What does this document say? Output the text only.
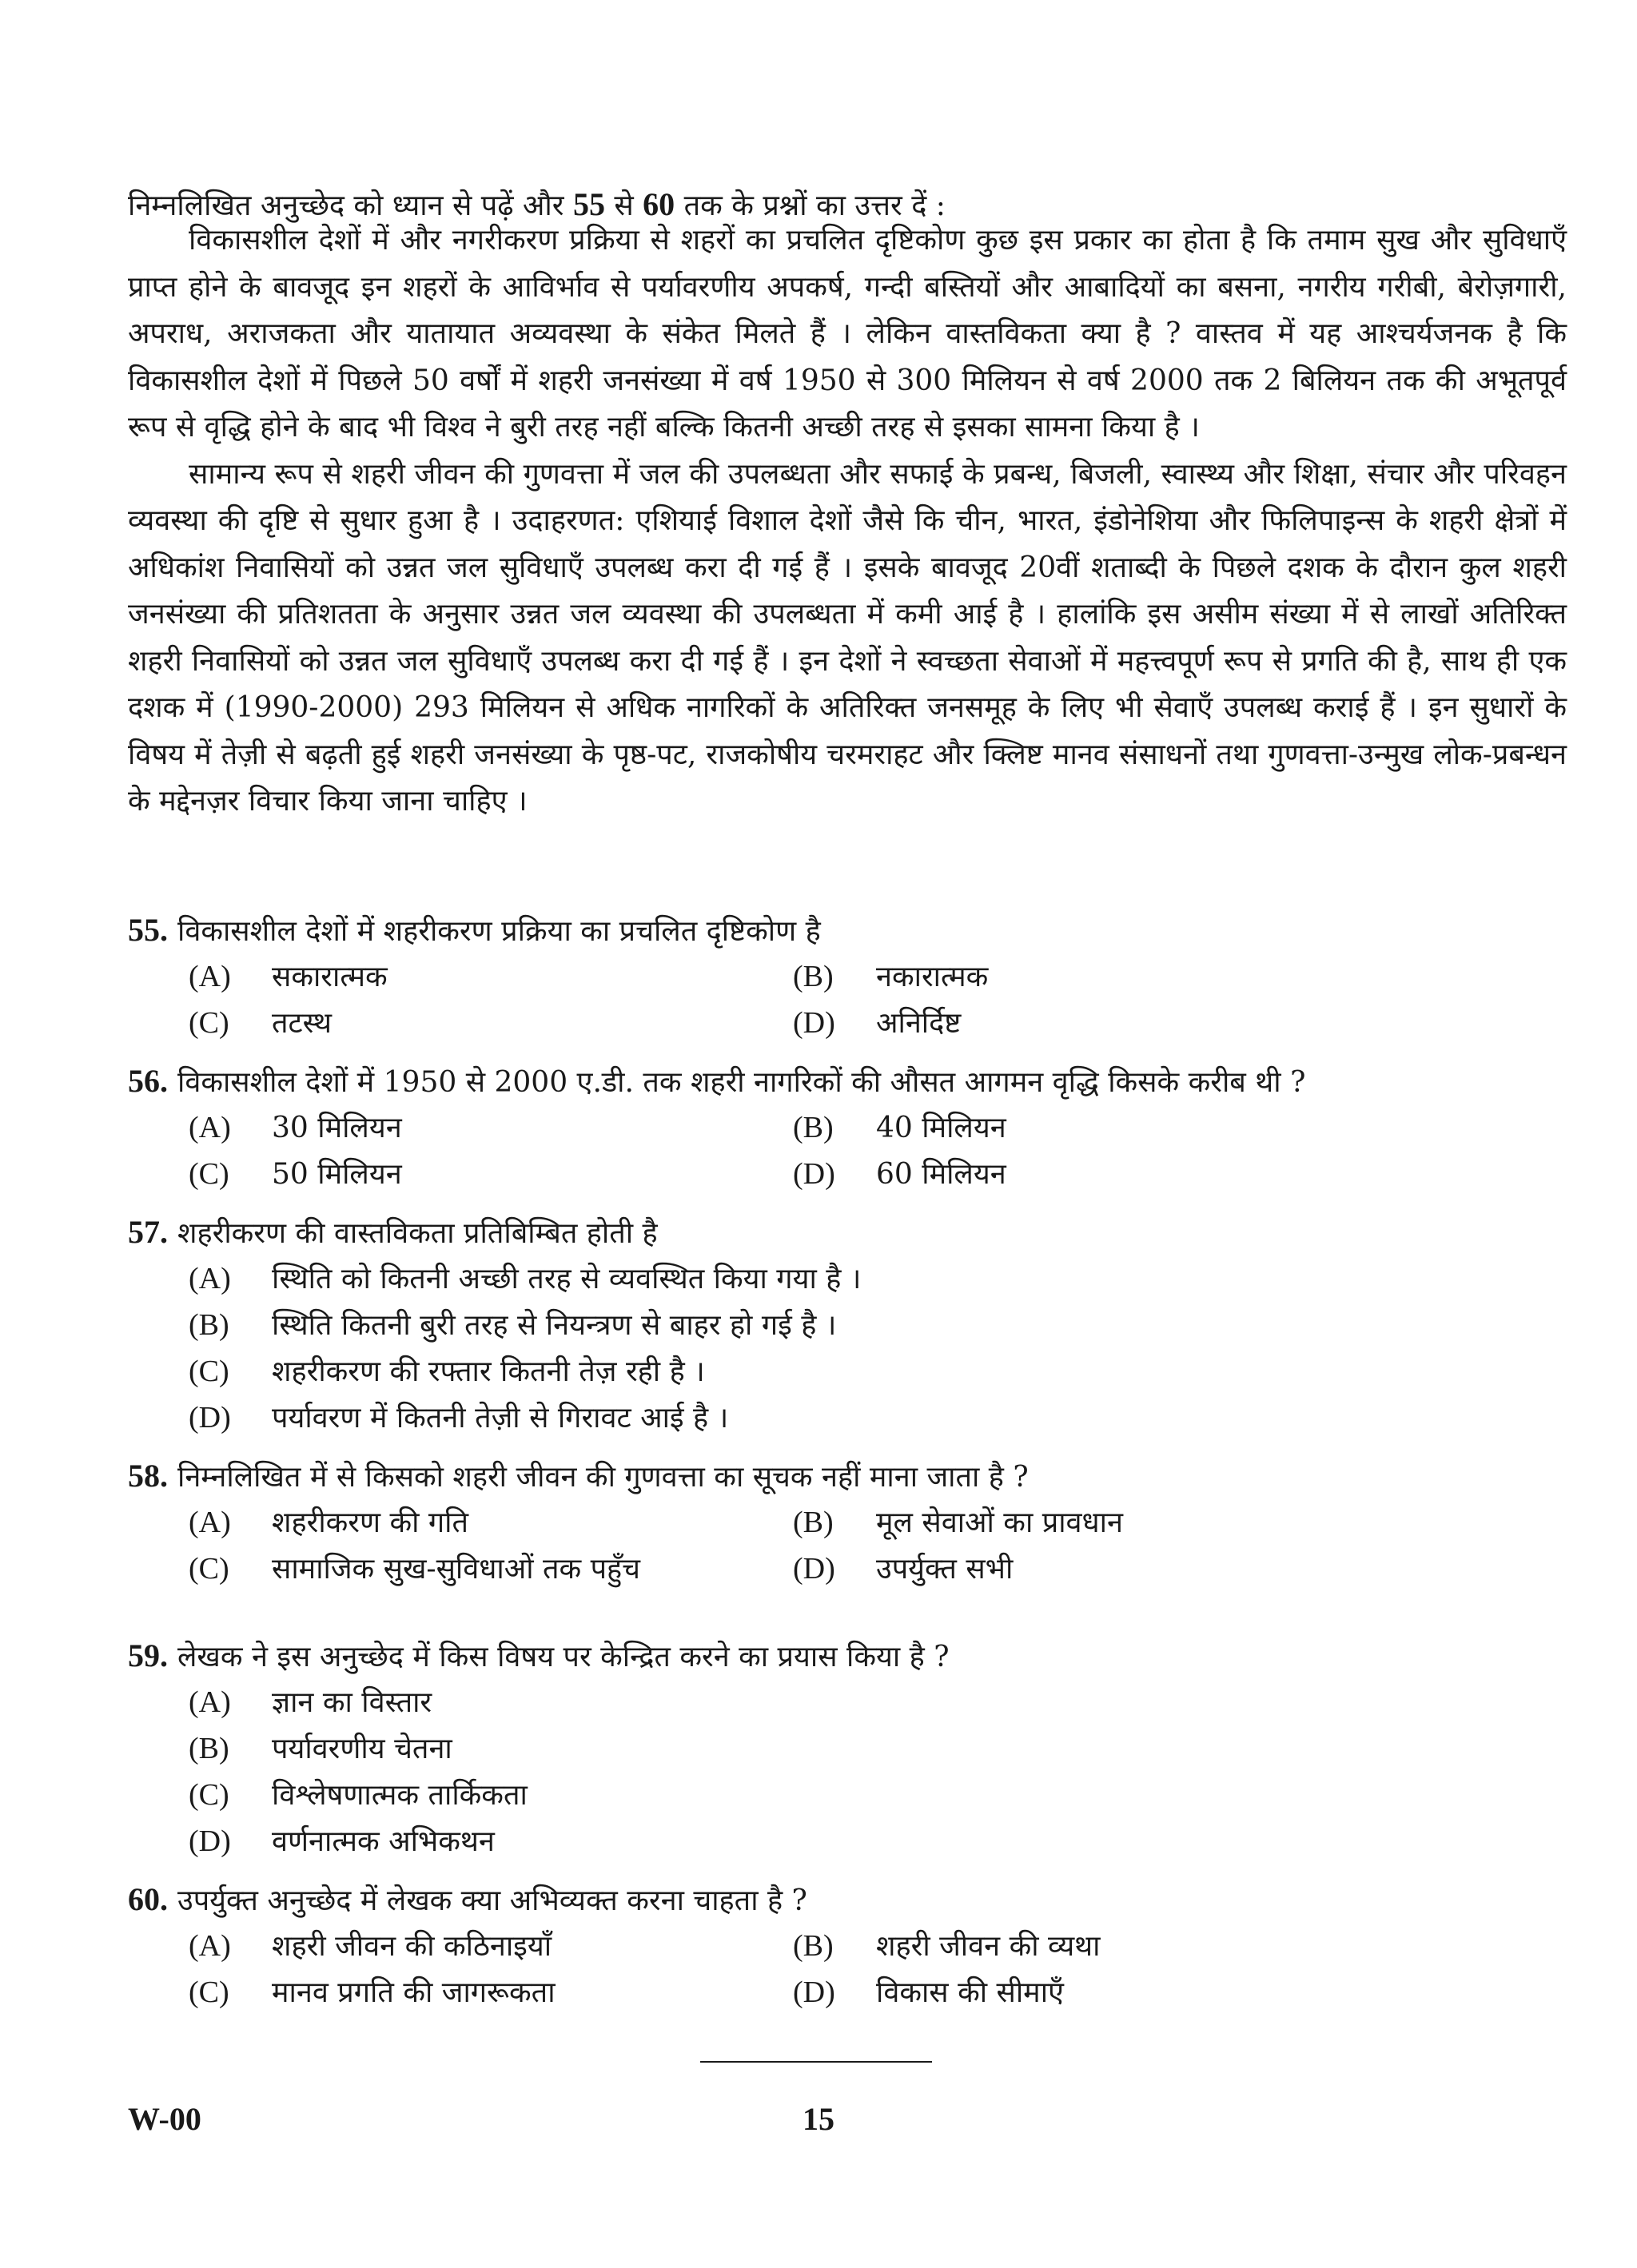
निम्नलिखित अनुच्छेद को ध्यान से पढ़ें और 55 से 60 तक के प्रश्नों का उत्तर दें :

विकासशील देशों में और नगरीकरण प्रक्रिया से शहरों का प्रचलित दृष्टिकोण कुछ इस प्रकार का होता है कि तमाम सुख और सुविधाएँ प्राप्त होने के बावजूद इन शहरों के आविर्भाव से पर्यावरणीय अपकर्ष, गन्दी बस्तियों और आबादियों का बसना, नगरीय गरीबी, बेरोज़गारी, अपराध, अराजकता और यातायात अव्यवस्था के संकेत मिलते हैं । लेकिन वास्तविकता क्या है ? वास्तव में यह आश्चर्यजनक है कि विकासशील देशों में पिछले 50 वर्षों में शहरी जनसंख्या में वर्ष 1950 से 300 मिलियन से वर्ष 2000 तक 2 बिलियन तक की अभूतपूर्व रूप से वृद्धि होने के बाद भी विश्व ने बुरी तरह नहीं बल्कि कितनी अच्छी तरह से इसका सामना किया है ।

सामान्य रूप से शहरी जीवन की गुणवत्ता में जल की उपलब्धता और सफाई के प्रबन्ध, बिजली, स्वास्थ्य और शिक्षा, संचार और परिवहन व्यवस्था की दृष्टि से सुधार हुआ है । उदाहरणत: एशियाई विशाल देशों जैसे कि चीन, भारत, इंडोनेशिया और फिलिपाइन्स के शहरी क्षेत्रों में अधिकांश निवासियों को उन्नत जल सुविधाएँ उपलब्ध करा दी गई हैं । इसके बावजूद 20वीं शताब्दी के पिछले दशक के दौरान कुल शहरी जनसंख्या की प्रतिशतता के अनुसार उन्नत जल व्यवस्था की उपलब्धता में कमी आई है । हालांकि इस असीम संख्या में से लाखों अतिरिक्त शहरी निवासियों को उन्नत जल सुविधाएँ उपलब्ध करा दी गई हैं । इन देशों ने स्वच्छता सेवाओं में महत्त्वपूर्ण रूप से प्रगति की है, साथ ही एक दशक में (1990-2000) 293 मिलियन से अधिक नागरिकों के अतिरिक्त जनसमूह के लिए भी सेवाएँ उपलब्ध कराई हैं । इन सुधारों के विषय में तेज़ी से बढ़ती हुई शहरी जनसंख्या के पृष्ठ-पट, राजकोषीय चरमराहट और क्लिष्ट मानव संसाधनों तथा गुणवत्ता-उन्मुख लोक-प्रबन्धन के मद्देनज़र विचार किया जाना चाहिए ।

55. विकासशील देशों में शहरीकरण प्रक्रिया का प्रचलित दृष्टिकोण है
(A) सकारात्मक	(B) नकारात्मक
(C) तटस्थ	(D) अनिर्दिष्ट
56. विकासशील देशों में 1950 से 2000 ए.डी. तक शहरी नागरिकों की औसत आगमन वृद्धि किसके करीब थी ?
(A) 30 मिलियन	(B) 40 मिलियन
(C) 50 मिलियन	(D) 60 मिलियन
57. शहरीकरण की वास्तविकता प्रतिबिम्बित होती है
(A) स्थिति को कितनी अच्छी तरह से व्यवस्थित किया गया है ।
(B) स्थिति कितनी बुरी तरह से नियन्त्रण से बाहर हो गई है ।
(C) शहरीकरण की रफ्तार कितनी तेज़ रही है ।
(D) पर्यावरण में कितनी तेज़ी से गिरावट आई है ।
58. निम्नलिखित में से किसको शहरी जीवन की गुणवत्ता का सूचक नहीं माना जाता है ?
(A) शहरीकरण की गति	(B) मूल सेवाओं का प्रावधान
(C) सामाजिक सुख-सुविधाओं तक पहुँच	(D) उपर्युक्त सभी
59. लेखक ने इस अनुच्छेद में किस विषय पर केन्द्रित करने का प्रयास किया है ?
(A) ज्ञान का विस्तार
(B) पर्यावरणीय चेतना
(C) विश्लेषणात्मक तार्किकता
(D) वर्णनात्मक अभिकथन
60. उपर्युक्त अनुच्छेद में लेखक क्या अभिव्यक्त करना चाहता है ?
(A) शहरी जीवन की कठिनाइयाँ	(B) शहरी जीवन की व्यथा
(C) मानव प्रगति की जागरूकता	(D) विकास की सीमाएँ
W-00	15
